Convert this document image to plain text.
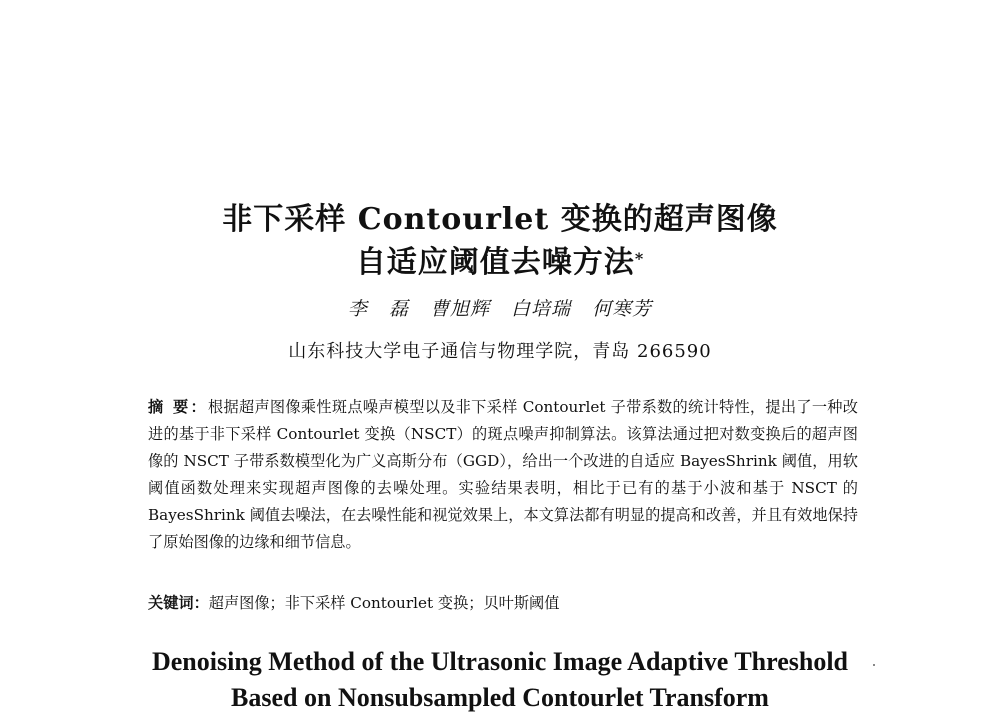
非下采样 Contourlet 变换的超声图像
自适应阈值去噪方法*
李 磊 曹旭辉 白培瑞 何寒芳
山东科技大学电子通信与物理学院，青岛 266590
摘 要：根据超声图像乘性斑点噪声模型以及非下采样 Contourlet 子带系数的统计特性，提出了一种改进的基于非下采样 Contourlet 变换（NSCT）的斑点噪声抑制算法。该算法通过把对数变换后的超声图像的 NSCT 子带系数模型化为广义高斯分布（GGD），给出一个改进的自适应 BayesShrink 阈值，用软阈值函数处理来实现超声图像的去噪处理。实验结果表明，相比于已有的基于小波和基于 NSCT 的 BayesShrink 阈值去噪法，在去噪性能和视觉效果上，本文算法都有明显的提高和改善，并且有效地保持了原始图像的边缘和细节信息。
关键词：超声图像；非下采样 Contourlet 变换；贝叶斯阈值
Denoising Method of the Ultrasonic Image Adaptive Threshold
Based on Nonsubsampled Contourlet Transform
